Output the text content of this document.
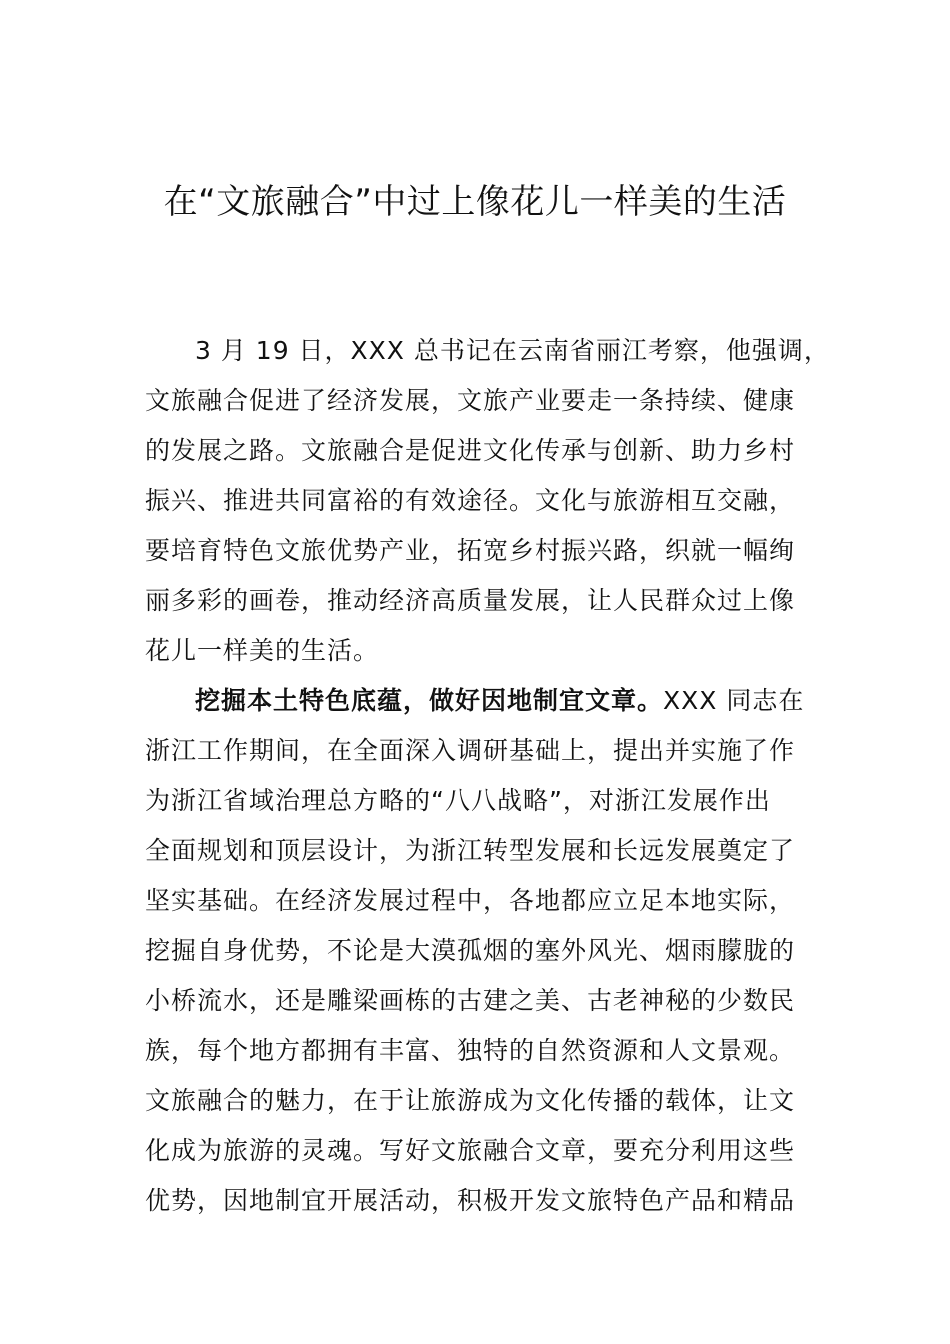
在“文旅融合”中过上像花儿一样美的生活

3 月 19 日，XXX 总书记在云南省丽江考察，他强调，
文旅融合促进了经济发展，文旅产业要走一条持续、健康
的发展之路。文旅融合是促进文化传承与创新、助力乡村
振兴、推进共同富裕的有效途径。文化与旅游相互交融，
要培育特色文旅优势产业，拓宽乡村振兴路，织就一幅绚
丽多彩的画卷，推动经济高质量发展，让人民群众过上像
花儿一样美的生活。

挖掘本土特色底蕴，做好因地制宜文章。XXX 同志在
浙江工作期间，在全面深入调研基础上，提出并实施了作
为浙江省域治理总方略的“八八战略”，对浙江发展作出
全面规划和顶层设计，为浙江转型发展和长远发展奠定了
坚实基础。在经济发展过程中，各地都应立足本地实际，
挖掘自身优势，不论是大漠孤烟的塞外风光、烟雨朦胧的
小桥流水，还是雕梁画栋的古建之美、古老神秘的少数民
族，每个地方都拥有丰富、独特的自然资源和人文景观。
文旅融合的魅力，在于让旅游成为文化传播的载体，让文
化成为旅游的灵魂。写好文旅融合文章，要充分利用这些
优势，因地制宜开展活动，积极开发文旅特色产品和精品
